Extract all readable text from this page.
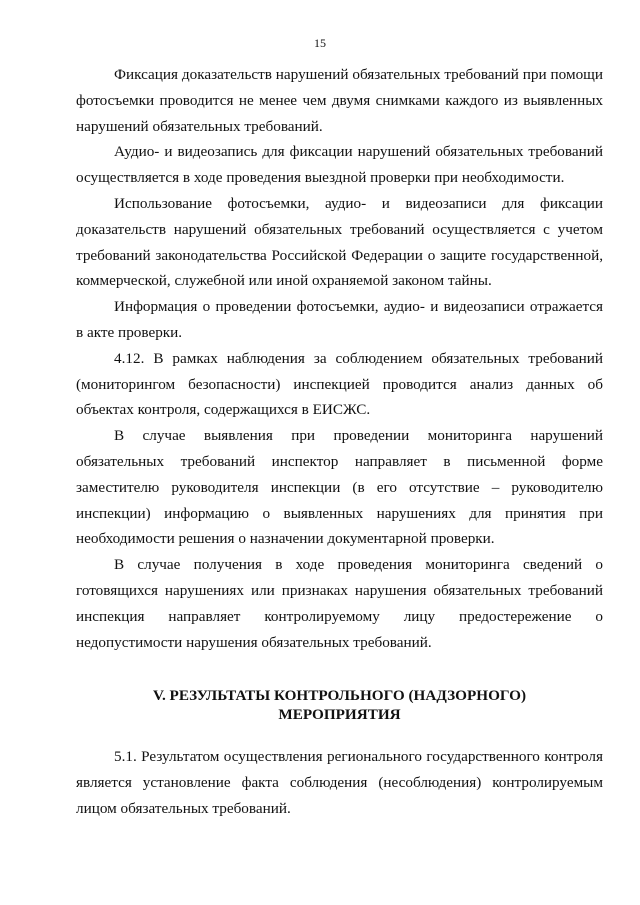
15

Фиксация доказательств нарушений обязательных требований при помощи фотосъемки проводится не менее чем двумя снимками каждого из выявленных нарушений обязательных требований.

Аудио- и видеозапись для фиксации нарушений обязательных требований осуществляется в ходе проведения выездной проверки при необходимости.

Использование фотосъемки, аудио- и видеозаписи для фиксации доказательств нарушений обязательных требований осуществляется с учетом требований законодательства Российской Федерации о защите государственной, коммерческой, служебной или иной охраняемой законом тайны.

Информация о проведении фотосъемки, аудио- и видеозаписи отражается в акте проверки.

4.12. В рамках наблюдения за соблюдением обязательных требований (мониторингом безопасности) инспекцией проводится анализ данных об объектах контроля, содержащихся в ЕИСЖС.

В случае выявления при проведении мониторинга нарушений обязательных требований инспектор направляет в письменной форме заместителю руководителя инспекции (в его отсутствие – руководителю инспекции) информацию о выявленных нарушениях для принятия при необходимости решения о назначении документарной проверки.

В случае получения в ходе проведения мониторинга сведений о готовящихся нарушениях или признаках нарушения обязательных требований инспекция направляет контролируемому лицу предостережение о недопустимости нарушения обязательных требований.

V. РЕЗУЛЬТАТЫ КОНТРОЛЬНОГО (НАДЗОРНОГО)
МЕРОПРИЯТИЯ

5.1. Результатом осуществления регионального государственного контроля является установление факта соблюдения (несоблюдения) контролируемым лицом обязательных требований.
